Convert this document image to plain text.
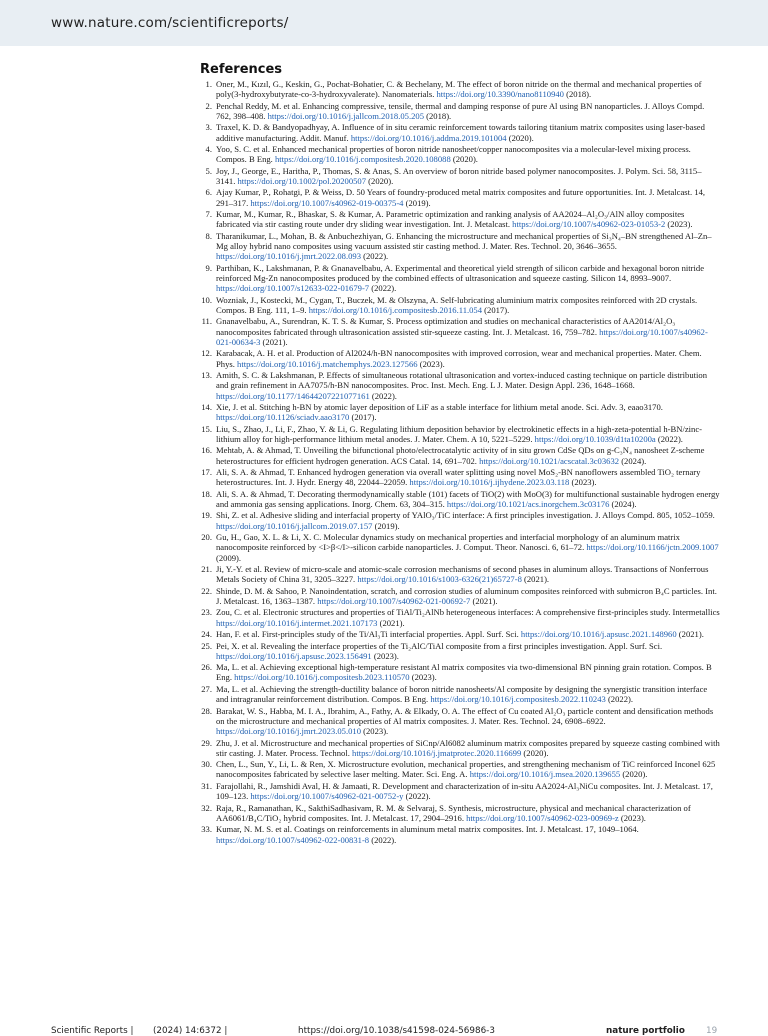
www.nature.com/scientificreports/
References
1. Oner, M., Kızıl, G., Keskin, G., Pochat-Bohatier, C. & Bechelany, M. The effect of boron nitride on the thermal and mechanical properties of poly(3-hydroxybutyrate-co-3-hydroxyvalerate). Nanomaterials. https://doi.org/10.3390/nano8110940 (2018).
2. Penchal Reddy, M. et al. Enhancing compressive, tensile, thermal and damping response of pure Al using BN nanoparticles. J. Alloys Compd. 762, 398–408. https://doi.org/10.1016/j.jallcom.2018.05.205 (2018).
3. Traxel, K. D. & Bandyopadhyay, A. Influence of in situ ceramic reinforcement towards tailoring titanium matrix composites using laser-based additive manufacturing. Addit. Manuf. https://doi.org/10.1016/j.addma.2019.101004 (2020).
4. Yoo, S. C. et al. Enhanced mechanical properties of boron nitride nanosheet/copper nanocomposites via a molecular-level mixing process. Compos. B Eng. https://doi.org/10.1016/j.compositesb.2020.108088 (2020).
5. Joy, J., George, E., Haritha, P., Thomas, S. & Anas, S. An overview of boron nitride based polymer nanocomposites. J. Polym. Sci. 58, 3115–3141. https://doi.org/10.1002/pol.20200507 (2020).
6. Ajay Kumar, P., Rohatgi, P. & Weiss, D. 50 Years of foundry-produced metal matrix composites and future opportunities. Int. J. Metalcast. 14, 291–317. https://doi.org/10.1007/s40962-019-00375-4 (2019).
7. Kumar, M., Kumar, R., Bhaskar, S. & Kumar, A. Parametric optimization and ranking analysis of AA2024–Al₂O₃/AlN alloy composites fabricated via stir casting route under dry sliding wear investigation. Int. J. Metalcast. https://doi.org/10.1007/s40962-023-01053-2 (2023).
8. Tharanikumar, L., Mohan, B. & Anbuchezhiyan, G. Enhancing the microstructure and mechanical properties of Si₃N₄–BN strengthened Al–Zn–Mg alloy hybrid nano composites using vacuum assisted stir casting method. J. Mater. Res. Technol. 20, 3646–3655. https://doi.org/10.1016/j.jmrt.2022.08.093 (2022).
9. Parthiban, K., Lakshmanan, P. & Gnanavelbabu, A. Experimental and theoretical yield strength of silicon carbide and hexagonal boron nitride reinforced Mg-Zn nanocomposites produced by the combined effects of ultrasonication and squeeze casting. Silicon 14, 8993–9007. https://doi.org/10.1007/s12633-022-01679-7 (2022).
10. Wozniak, J., Kostecki, M., Cygan, T., Buczek, M. & Olszyna, A. Self-lubricating aluminium matrix composites reinforced with 2D crystals. Compos. B Eng. 111, 1–9. https://doi.org/10.1016/j.compositesb.2016.11.054 (2017).
11. Gnanavelbabu, A., Surendran, K. T. S. & Kumar, S. Process optimization and studies on mechanical characteristics of AA2014/Al₂O₃ nanocomposites fabricated through ultrasonication assisted stir-squeeze casting. Int. J. Metalcast. 16, 759–782. https://doi.org/10.1007/s40962-021-00634-3 (2021).
12. Karabacak, A. H. et al. Production of Al2024/h-BN nanocomposites with improved corrosion, wear and mechanical properties. Mater. Chem. Phys. https://doi.org/10.1016/j.matchemphys.2023.127566 (2023).
13. Amith, S. C. & Lakshmanan, P. Effects of simultaneous rotational ultrasonication and vortex-induced casting technique on particle distribution and grain refinement in AA7075/h-BN nanocomposites. Proc. Inst. Mech. Eng. L J. Mater. Design Appl. 236, 1648–1668. https://doi.org/10.1177/14644207221077161 (2022).
14. Xie, J. et al. Stitching h-BN by atomic layer deposition of LiF as a stable interface for lithium metal anode. Sci. Adv. 3, eaao3170. https://doi.org/10.1126/sciadv.aao3170 (2017).
15. Liu, S., Zhao, J., Li, F., Zhao, Y. & Li, G. Regulating lithium deposition behavior by electrokinetic effects in a high-zeta-potential h-BN/zinc-lithium alloy for high-performance lithium metal anodes. J. Mater. Chem. A 10, 5221–5229. https://doi.org/10.1039/d1ta10200a (2022).
16. Mehtab, A. & Ahmad, T. Unveiling the bifunctional photo/electrocatalytic activity of in situ grown CdSe QDs on g-C₃N₄ nanosheet Z-scheme heterostructures for efficient hydrogen generation. ACS Catal. 14, 691–702. https://doi.org/10.1021/acscatal.3c03632 (2024).
17. Ali, S. A. & Ahmad, T. Enhanced hydrogen generation via overall water splitting using novel MoS₂-BN nanoflowers assembled TiO₂ ternary heterostructures. Int. J. Hydr. Energy 48, 22044–22059. https://doi.org/10.1016/j.ijhydene.2023.03.118 (2023).
18. Ali, S. A. & Ahmad, T. Decorating thermodynamically stable (101) facets of TiO(2) with MoO(3) for multifunctional sustainable hydrogen energy and ammonia gas sensing applications. Inorg. Chem. 63, 304–315. https://doi.org/10.1021/acs.inorgchem.3c03176 (2024).
19. Shi, Z. et al. Adhesive sliding and interfacial property of YAlO₃/TiC interface: A first principles investigation. J. Alloys Compd. 805, 1052–1059. https://doi.org/10.1016/j.jallcom.2019.07.157 (2019).
20. Gu, H., Gao, X. L. & Li, X. C. Molecular dynamics study on mechanical properties and interfacial morphology of an aluminum matrix nanocomposite reinforced by <I>β</I>-silicon carbide nanoparticles. J. Comput. Theor. Nanosci. 6, 61–72. https://doi.org/10.1166/jctn.2009.1007 (2009).
21. Ji, Y.-Y. et al. Review of micro-scale and atomic-scale corrosion mechanisms of second phases in aluminum alloys. Transactions of Nonferrous Metals Society of China 31, 3205–3227. https://doi.org/10.1016/s1003-6326(21)65727-8 (2021).
22. Shinde, D. M. & Sahoo, P. Nanoindentation, scratch, and corrosion studies of aluminum composites reinforced with submicron B₄C particles. Int. J. Metalcast. 16, 1363–1387. https://doi.org/10.1007/s40962-021-00692-7 (2021).
23. Zou, C. et al. Electronic structures and properties of TiAl/Ti₂AlNb heterogeneous interfaces: A comprehensive first-principles study. Intermetallics https://doi.org/10.1016/j.intermet.2021.107173 (2021).
24. Han, F. et al. First-principles study of the Ti/Al₃Ti interfacial properties. Appl. Surf. Sci. https://doi.org/10.1016/j.apsusc.2021.148960 (2021).
25. Pei, X. et al. Revealing the interface properties of the Ti₂AlC/TiAl composite from a first principles investigation. Appl. Surf. Sci. https://doi.org/10.1016/j.apsusc.2023.156491 (2023).
26. Ma, L. et al. Achieving exceptional high-temperature resistant Al matrix composites via two-dimensional BN pinning grain rotation. Compos. B Eng. https://doi.org/10.1016/j.compositesb.2023.110570 (2023).
27. Ma, L. et al. Achieving the strength-ductility balance of boron nitride nanosheets/Al composite by designing the synergistic transition interface and intragranular reinforcement distribution. Compos. B Eng. https://doi.org/10.1016/j.compositesb.2022.110243 (2022).
28. Barakat, W. S., Habba, M. I. A., Ibrahim, A., Fathy, A. & Elkady, O. A. The effect of Cu coated Al₂O₃ particle content and densification methods on the microstructure and mechanical properties of Al matrix composites. J. Mater. Res. Technol. 24, 6908–6922. https://doi.org/10.1016/j.jmrt.2023.05.010 (2023).
29. Zhu, J. et al. Microstructure and mechanical properties of SiCnp/Al6082 aluminum matrix composites prepared by squeeze casting combined with stir casting. J. Mater. Process. Technol. https://doi.org/10.1016/j.jmatprotec.2020.116699 (2020).
30. Chen, L., Sun, Y., Li, L. & Ren, X. Microstructure evolution, mechanical properties, and strengthening mechanism of TiC reinforced Inconel 625 nanocomposites fabricated by selective laser melting. Mater. Sci. Eng. A. https://doi.org/10.1016/j.msea.2020.139655 (2020).
31. Farajollahi, R., Jamshidi Aval, H. & Jamaati, R. Development and characterization of in-situ AA2024-Al₃NiCu composites. Int. J. Metalcast. 17, 109–123. https://doi.org/10.1007/s40962-021-00752-y (2022).
32. Raja, R., Ramanathan, K., SakthiSadhasivam, R. M. & Selvaraj, S. Synthesis, microstructure, physical and mechanical characterization of AA6061/B₄C/TiO₂ hybrid composites. Int. J. Metalcast. 17, 2904–2916. https://doi.org/10.1007/s40962-023-00969-z (2023).
33. Kumar, N. M. S. et al. Coatings on reinforcements in aluminum metal matrix composites. Int. J. Metalcast. 17, 1049–1064. https://doi.org/10.1007/s40962-022-00831-8 (2022).
Scientific Reports | (2024) 14:6372 |	https://doi.org/10.1038/s41598-024-56986-3	nature portfolio 19
